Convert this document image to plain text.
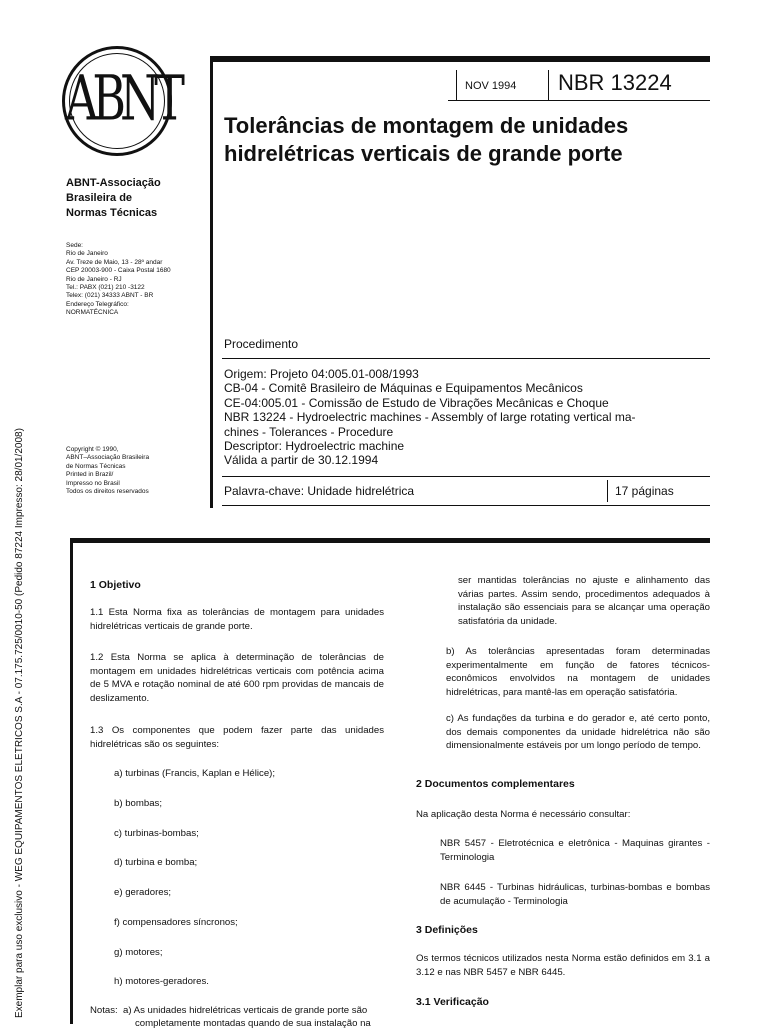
Exemplar para uso exclusivo - WEG EQUIPAMENTOS ELETRICOS S.A - 07.175.725/0010-50 (Pedido 87224 Impresso: 28/01/2008)
ABNT
ABNT-Associação
Brasileira de
Normas Técnicas
Sede:
Rio de Janeiro
Av. Treze de Maio, 13 - 28º andar
CEP 20003-900 - Caixa Postal 1680
Rio de Janeiro - RJ
Tel.: PABX (021) 210 -3122
Telex: (021) 34333 ABNT - BR
Endereço Telegráfico:
NORMATÉCNICA
Copyright © 1990,
ABNT–Associação Brasileira
de Normas Técnicas
Printed in Brazil/
Impresso no Brasil
Todos os direitos reservados
NOV 1994 NBR 13224
Tolerâncias de montagem de unidades
hidrelétricas verticais de grande porte
Procedimento
Origem: Projeto 04:005.01-008/1993
CB-04 - Comitê Brasileiro de Máquinas e Equipamentos Mecânicos
CE-04:005.01 - Comissão de Estudo de Vibrações Mecânicas e Choque
NBR 13224 - Hydroelectric machines - Assembly of large rotating vertical ma-
chines - Tolerances - Procedure
Descriptor: Hydroelectric machine
Válida a partir de 30.12.1994
Palavra-chave: Unidade hidrelétrica	17 páginas
1 Objetivo
1.1 Esta Norma fixa as tolerâncias de montagem para unidades hidrelétricas verticais de grande porte.
1.2 Esta Norma se aplica à determinação de tolerâncias de montagem em unidades hidrelétricas verticais com potência acima de 5 MVA e rotação nominal de até 600 rpm providas de mancais de deslizamento.
1.3 Os componentes que podem fazer parte das unidades hidrelétricas são os seguintes:
a) turbinas (Francis, Kaplan e Hélice);
b) bombas;
c) turbinas-bombas;
d) turbina e bomba;
e) geradores;
f) compensadores síncronos;
g) motores;
h) motores-geradores.
Notas: a) As unidades hidrelétricas verticais de grande porte são
completamente montadas quando de sua instalação na
ser mantidas tolerâncias no ajuste e alinhamento das várias partes. Assim sendo, procedimentos adequados à instalação são essenciais para se alcançar uma operação satisfatória da unidade.
b) As tolerâncias apresentadas foram determinadas experimentalmente em função de fatores técnicos-econômicos envolvidos na montagem de unidades hidrelétricas, para mantê-las em operação satisfatória.
c) As fundações da turbina e do gerador e, até certo ponto, dos demais componentes da unidade hidrelétrica não são dimensionalmente estáveis por um longo período de tempo.
2 Documentos complementares
Na aplicação desta Norma é necessário consultar:
NBR 5457 - Eletrotécnica e eletrônica - Maquinas girantes - Terminologia
NBR 6445 - Turbinas hidráulicas, turbinas-bombas e bombas de acumulação - Terminologia
3 Definições
Os termos técnicos utilizados nesta Norma estão definidos em 3.1 a 3.12 e nas NBR 5457 e NBR 6445.
3.1 Verificação
